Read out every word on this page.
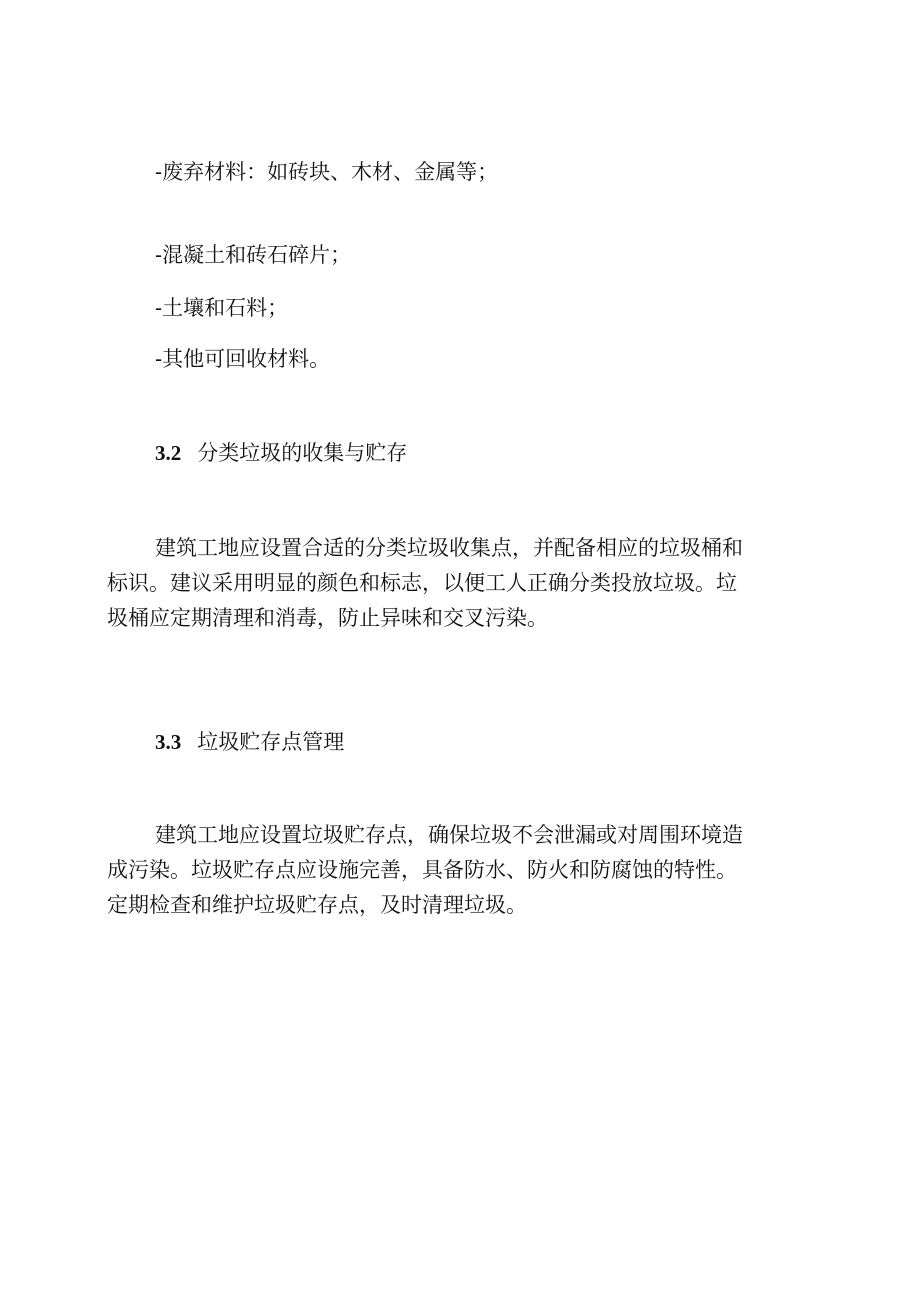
-废弃材料：如砖块、木材、金属等；
-混凝土和砖石碎片；
-土壤和石料；
-其他可回收材料。
3.2 分类垃圾的收集与贮存
建筑工地应设置合适的分类垃圾收集点，并配备相应的垃圾桶和
标识。建议采用明显的颜色和标志，以便工人正确分类投放垃圾。垃
圾桶应定期清理和消毒，防止异味和交叉污染。
3.3 垃圾贮存点管理
建筑工地应设置垃圾贮存点，确保垃圾不会泄漏或对周围环境造
成污染。垃圾贮存点应设施完善，具备防水、防火和防腐蚀的特性。
定期检查和维护垃圾贮存点，及时清理垃圾。
